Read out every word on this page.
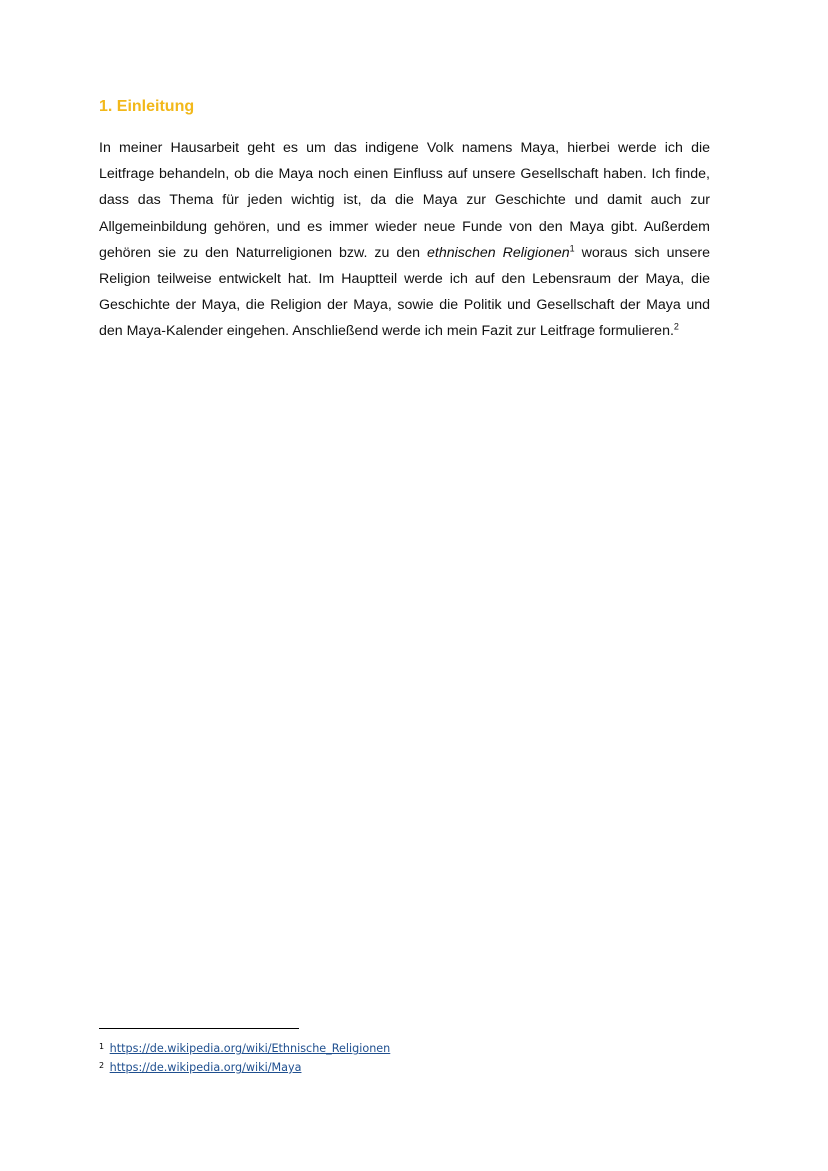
1. Einleitung

In meiner Hausarbeit geht es um das indigene Volk namens Maya, hierbei werde ich die Leitfrage behandeln, ob die Maya noch einen Einfluss auf unsere Gesellschaft haben. Ich finde, dass das Thema für jeden wichtig ist, da die Maya zur Geschichte und damit auch zur Allgemeinbildung gehören, und es immer wieder neue Funde von den Maya gibt. Außerdem gehören sie zu den Naturreligionen bzw. zu den ethnischen Religionen$^1$ woraus sich unsere Religion teilweise entwickelt hat. Im Hauptteil werde ich auf den Lebensraum der Maya, die Geschichte der Maya, die Religion der Maya, sowie die Politik und Gesellschaft der Maya und den Maya-Kalender eingehen. Anschließend werde ich mein Fazit zur Leitfrage formulieren.$^2$

$^1$ https://de.wikipedia.org/wiki/Ethnische_Religionen
$^2$ https://de.wikipedia.org/wiki/Maya
